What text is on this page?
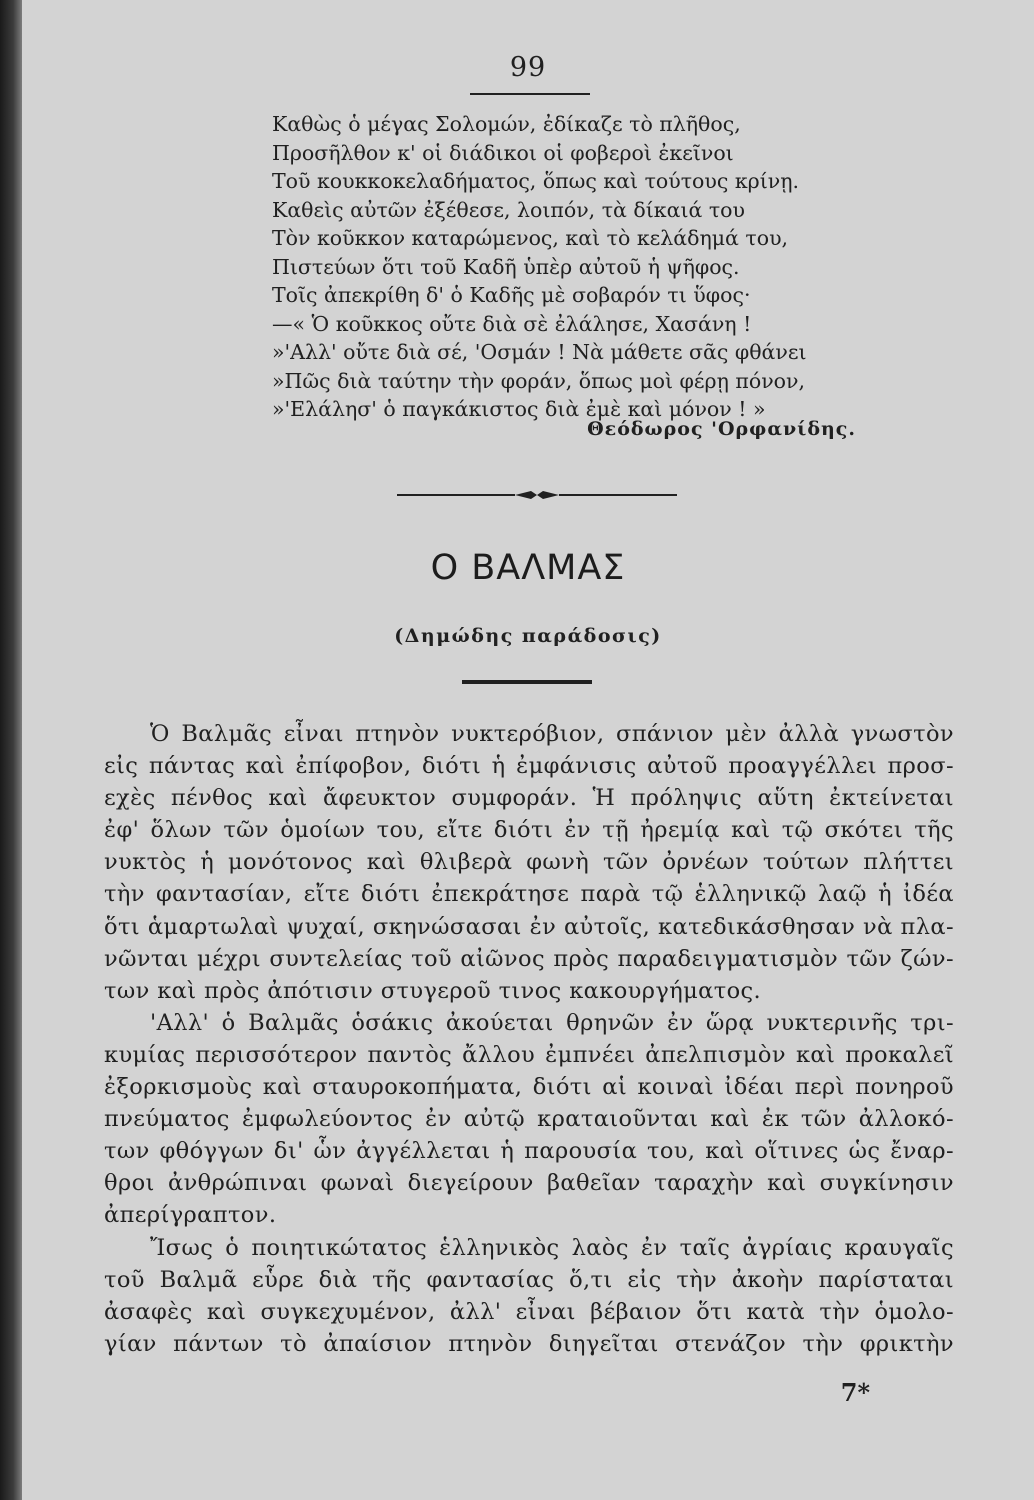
99
Καθὼς ὁ μέγας Σολομών, ἐδίκαζε τὸ πλῆθος,
Προσῆλθον κ' οἱ διάδικοι οἱ φοβεροὶ ἐκεῖνοι
Τοῦ κουκκοκελαδήματος, ὅπως καὶ τούτους κρίνῃ.
Καθεὶς αὐτῶν ἐξέθεσε, λοιπόν, τὰ δίκαιά του
Τὸν κοῦκκον καταρώμενος, καὶ τὸ κελάδημά του,
Πιστεύων ὅτι τοῦ Καδῆ ὑπὲρ αὐτοῦ ἡ ψῆφος.
Τοῖς ἀπεκρίθη δ' ὁ Καδῆς μὲ σοβαρόν τι ὕφος·
—« Ὁ κοῦκκος οὔτε διὰ σὲ ἐλάλησε, Χασάνη !
»'Αλλ' οὔτε διὰ σέ, 'Οσμάν ! Νὰ μάθετε σᾶς φθάνει
»Πῶς διὰ ταύτην τὴν φοράν, ὅπως μοὶ φέρῃ πόνον,
»'Ελάλησ' ὁ παγκάκιστος διὰ ἐμὲ καὶ μόνον ! »
Θεόδωρος 'Ορφανίδης.
Ο ΒΑΛΜΑΣ
(Δημώδης παράδοσις)
Ὁ Βαλμᾶς εἶναι πτηνὸν νυκτερόβιον, σπάνιον μὲν ἀλλὰ γνωστὸν
εἰς πάντας καὶ ἐπίφοβον, διότι ἡ ἐμφάνισις αὐτοῦ προαγγέλλει προσ-
εχὲς πένθος καὶ ἄφευκτον συμφοράν. Ἡ πρόληψις αὕτη ἐκτείνεται
ἐφ' ὅλων τῶν ὁμοίων του, εἴτε διότι ἐν τῇ ἠρεμίᾳ καὶ τῷ σκότει τῆς
νυκτὸς ἡ μονότονος καὶ θλιβερὰ φωνὴ τῶν ὀρνέων τούτων πλήττει
τὴν φαντασίαν, εἴτε διότι ἐπεκράτησε παρὰ τῷ ἑλληνικῷ λαῷ ἡ ἰδέα
ὅτι ἁμαρτωλαὶ ψυχαί, σκηνώσασαι ἐν αὐτοῖς, κατεδικάσθησαν νὰ πλα-
νῶνται μέχρι συντελείας τοῦ αἰῶνος πρὸς παραδειγματισμὸν τῶν ζών-
των καὶ πρὸς ἀπότισιν στυγεροῦ τινος κακουργήματος.
'Αλλ' ὁ Βαλμᾶς ὁσάκις ἀκούεται θρηνῶν ἐν ὥρᾳ νυκτερινῆς τρι-
κυμίας περισσότερον παντὸς ἄλλου ἐμπνέει ἀπελπισμὸν καὶ προκαλεῖ
ἐξορκισμοὺς καὶ σταυροκοπήματα, διότι αἱ κοιναὶ ἰδέαι περὶ πονηροῦ
πνεύματος ἐμφωλεύοντος ἐν αὐτῷ κραταιοῦνται καὶ ἐκ τῶν ἀλλοκό-
των φθόγγων δι' ὧν ἀγγέλλεται ἡ παρουσία του, καὶ οἵτινες ὡς ἔναρ-
θροι ἀνθρώπιναι φωναὶ διεγείρουν βαθεῖαν ταραχὴν καὶ συγκίνησιν
ἀπερίγραπτον.
Ἴσως ὁ ποιητικώτατος ἑλληνικὸς λαὸς ἐν ταῖς ἀγρίαις κραυγαῖς
τοῦ Βαλμᾶ εὗρε διὰ τῆς φαντασίας ὅ,τι εἰς τὴν ἀκοὴν παρίσταται
ἀσαφὲς καὶ συγκεχυμένον, ἀλλ' εἶναι βέβαιον ὅτι κατὰ τὴν ὁμολο-
γίαν πάντων τὸ ἀπαίσιον πτηνὸν διηγεῖται στενάζον τὴν φρικτὴν
7*
